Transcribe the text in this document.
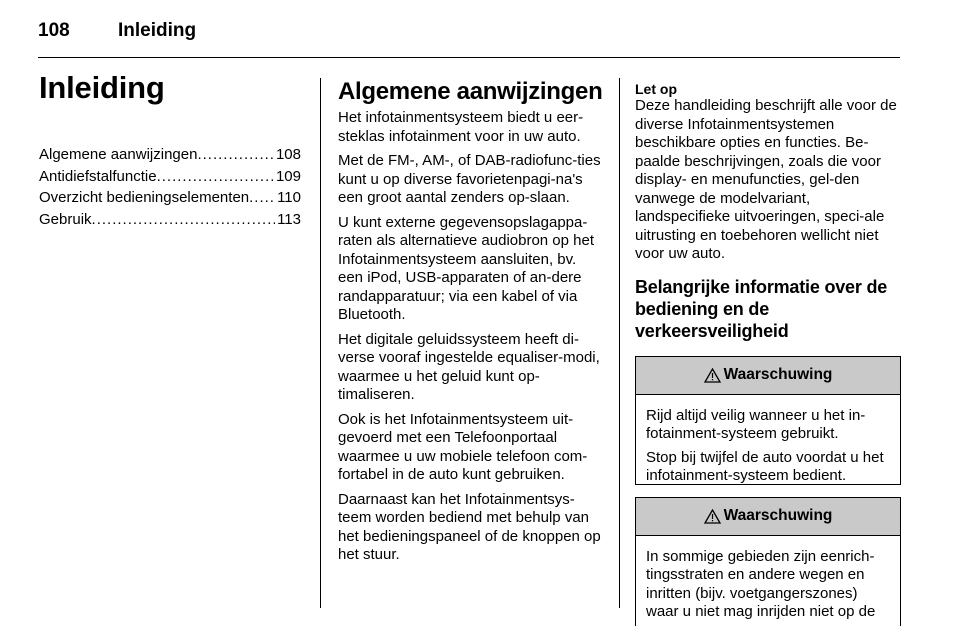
108	Inleiding
Inleiding
Algemene aanwijzingen .....	108
Antidiefstalfunctie .....	109
Overzicht bedieningselementen ..... 110
Gebruik .....	113
Algemene aanwijzingen

Het infotainmentsysteem biedt u eer-steklas infotainment voor in uw auto.

Met de FM-, AM-, of DAB-radiofunc-ties kunt u op diverse favorietenpagi-na's een groot aantal zenders op-slaan.

U kunt externe gegevensopslagappa-raten als alternatieve audiobron op het Infotainmentsysteem aansluiten, bv. een iPod, USB-apparaten of an-dere randapparatuur; via een kabel of via Bluetooth.

Het digitale geluidssysteem heeft di-verse vooraf ingestelde equaliser-modi, waarmee u het geluid kunt op-timaliseren.

Ook is het Infotainmentsysteem uit-gevoerd met een Telefoonportaal waarmee u uw mobiele telefoon com-fortabel in de auto kunt gebruiken.

Daarnaast kan het Infotainmentsys-teem worden bediend met behulp van het bedieningspaneel of de knoppen op het stuur.

Let op
Deze handleiding beschrijft alle voor de diverse Infotainmentsystemen beschikbare opties en functies. Be-paalde beschrijvingen, zoals die voor display- en menufuncties, gel-den vanwege de modelvariant, landspecifieke uitvoeringen, speci-ale uitrusting en toebehoren wellicht niet voor uw auto.
Belangrijke informatie over de bediening en de verkeersveiligheid
Waarschuwing

Rijd altijd veilig wanneer u het in-fotainment-systeem gebruikt.

Stop bij twijfel de auto voordat u het infotainment-systeem bedient.

Waarschuwing

In sommige gebieden zijn eenrich-tingsstraten en andere wegen en inritten (bijv. voetgangerszones) waar u niet mag inrijden niet op de
